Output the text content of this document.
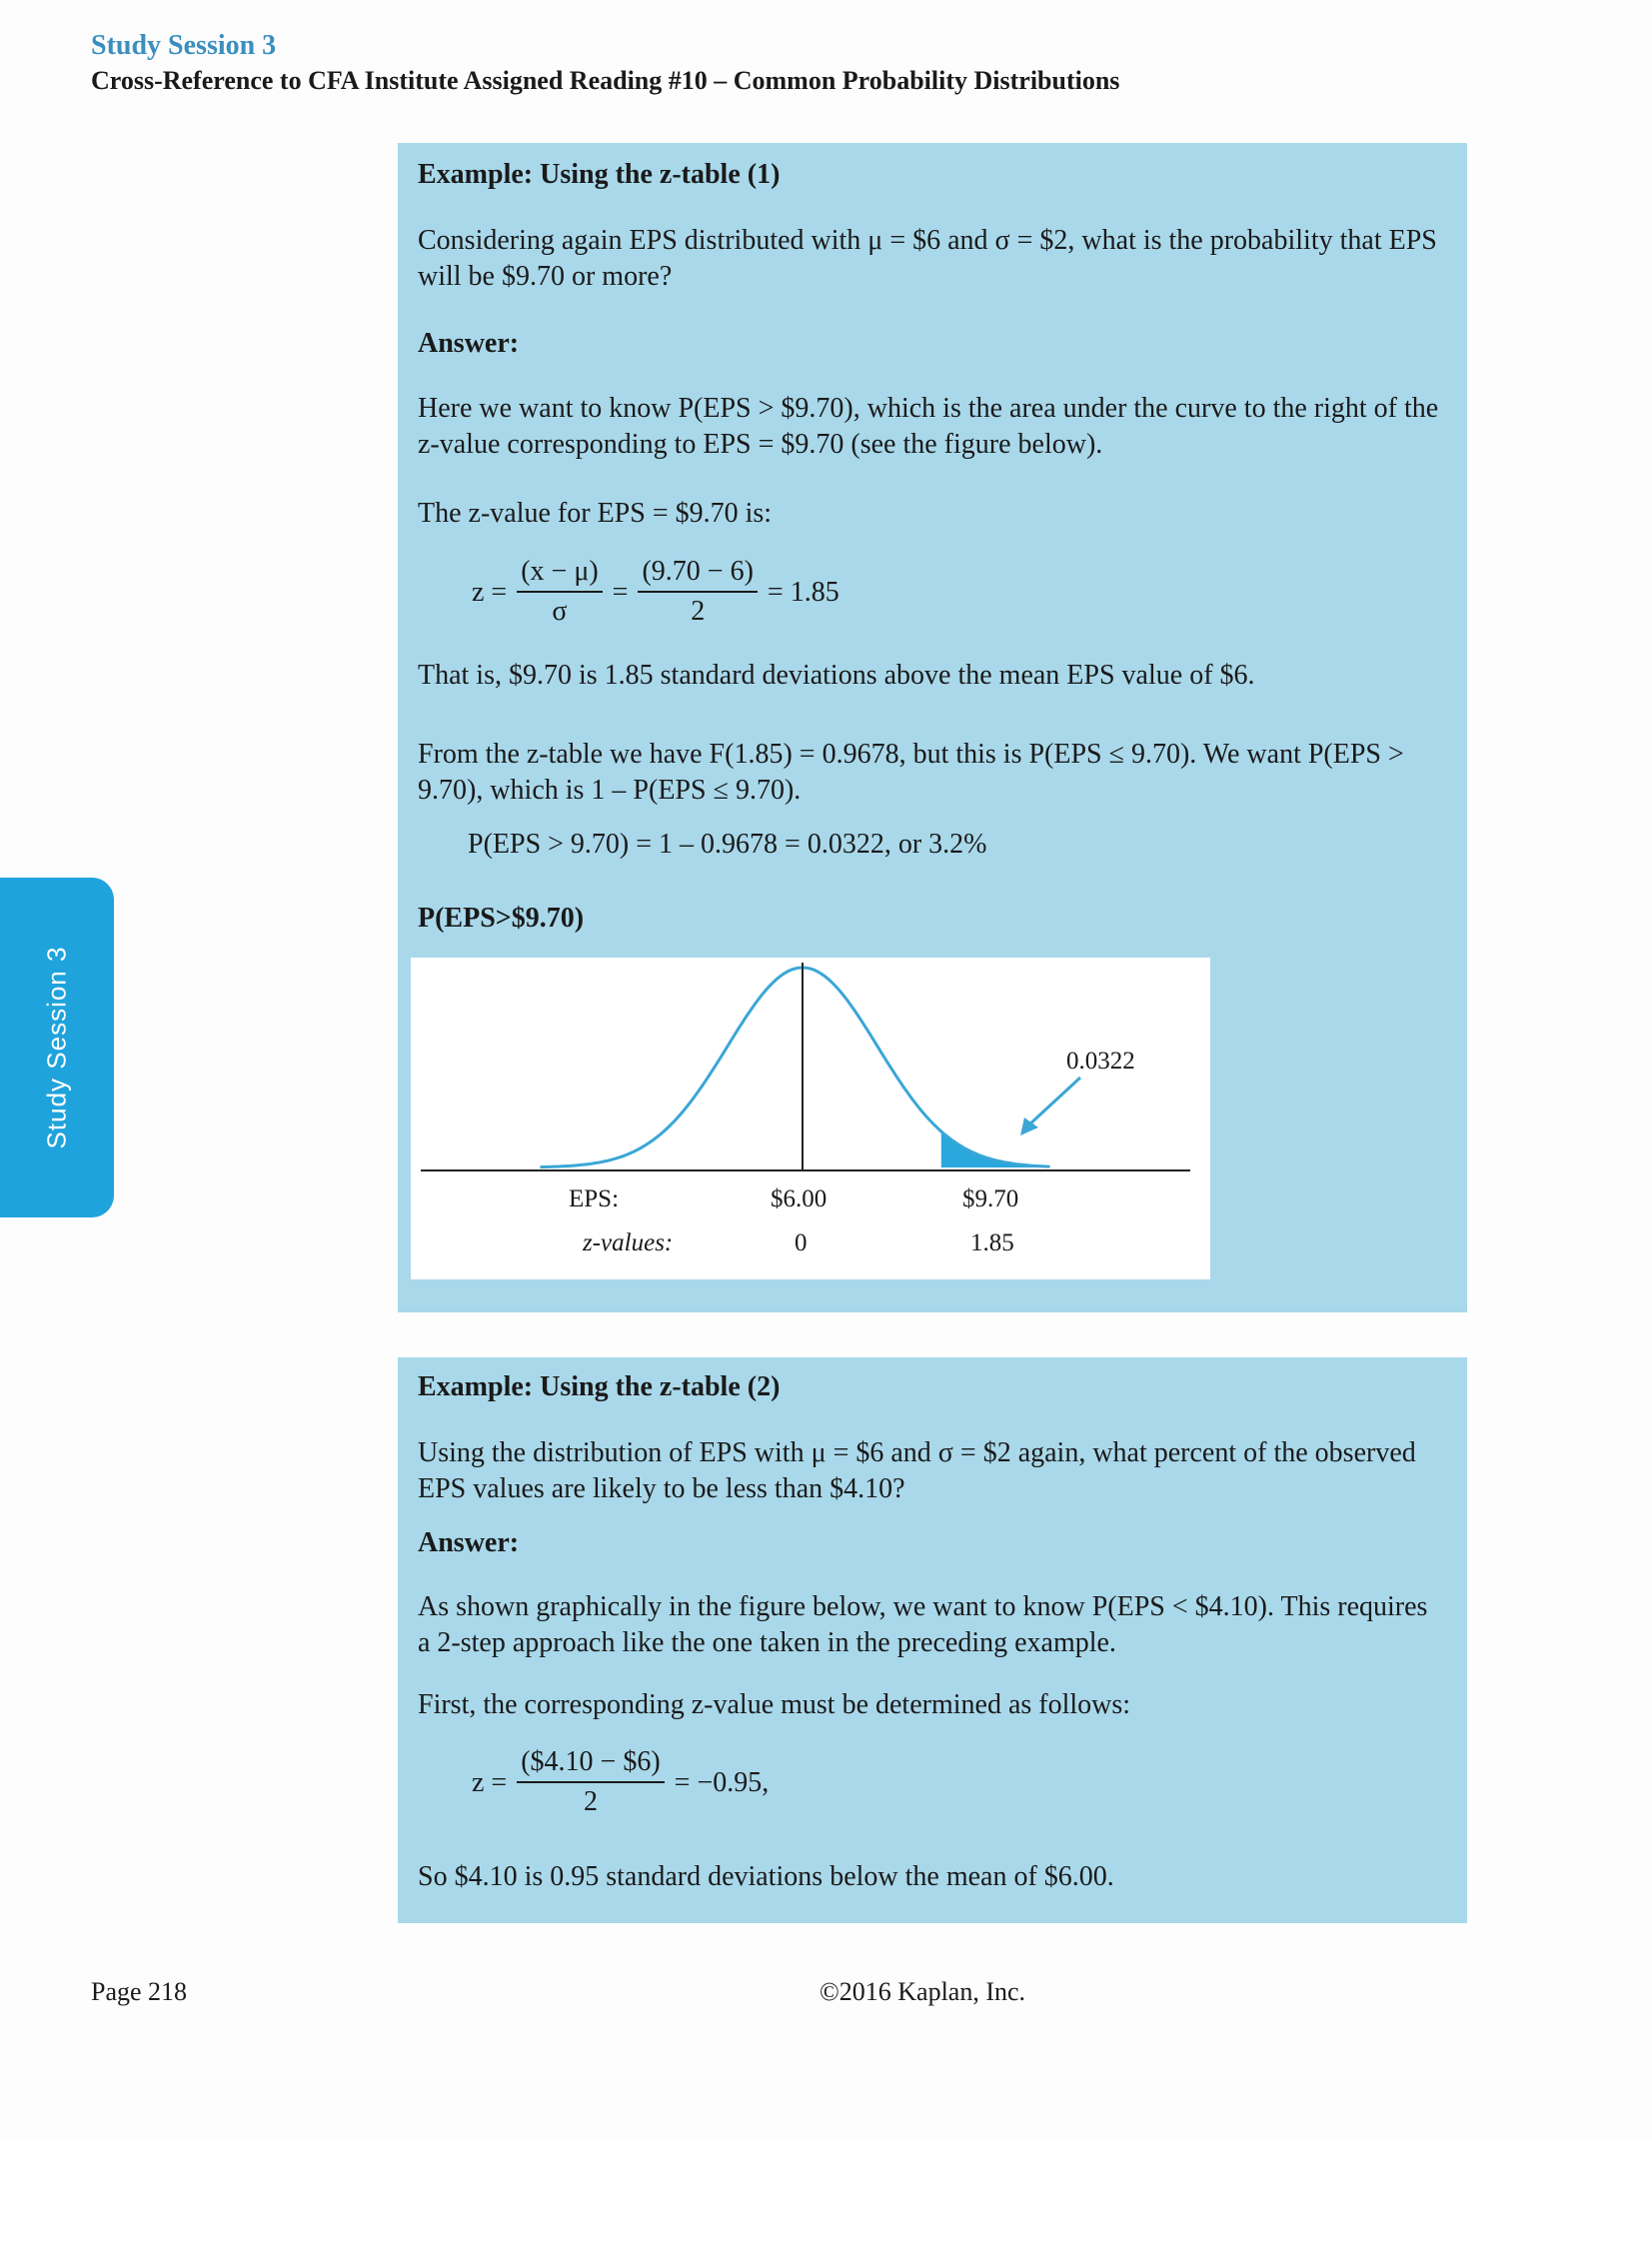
Study Session 3
Cross-Reference to CFA Institute Assigned Reading #10 – Common Probability Distributions
Study Session 3
Example: Using the z-table (1)
Considering again EPS distributed with μ = $6 and σ = $2, what is the probability that EPS will be $9.70 or more?
Answer:
Here we want to know P(EPS > $9.70), which is the area under the curve to the right of the z-value corresponding to EPS = $9.70 (see the figure below).
The z-value for EPS = $9.70 is:
$z = \frac{(x - \mu)}{\sigma} = \frac{(9.70 - 6)}{2} = 1.85$
That is, $9.70 is 1.85 standard deviations above the mean EPS value of $6.
From the z-table we have F(1.85) = 0.9678, but this is P(EPS ≤ 9.70). We want P(EPS > 9.70), which is 1 – P(EPS ≤ 9.70).
P(EPS > 9.70) = 1 – 0.9678 = 0.0322, or 3.2%
P(EPS>$9.70)
0.0322
EPS:
z-values:
$6.00
0
$9.70
1.85
Example: Using the z-table (2)
Using the distribution of EPS with μ = $6 and σ = $2 again, what percent of the observed EPS values are likely to be less than $4.10?
Answer:
As shown graphically in the figure below, we want to know P(EPS < $4.10). This requires a 2-step approach like the one taken in the preceding example.
First, the corresponding z-value must be determined as follows:
$z = \frac{(\$4.10 - \$6)}{2} = -0.95$,
So $4.10 is 0.95 standard deviations below the mean of $6.00.
Page 218	©2016 Kaplan, Inc.
